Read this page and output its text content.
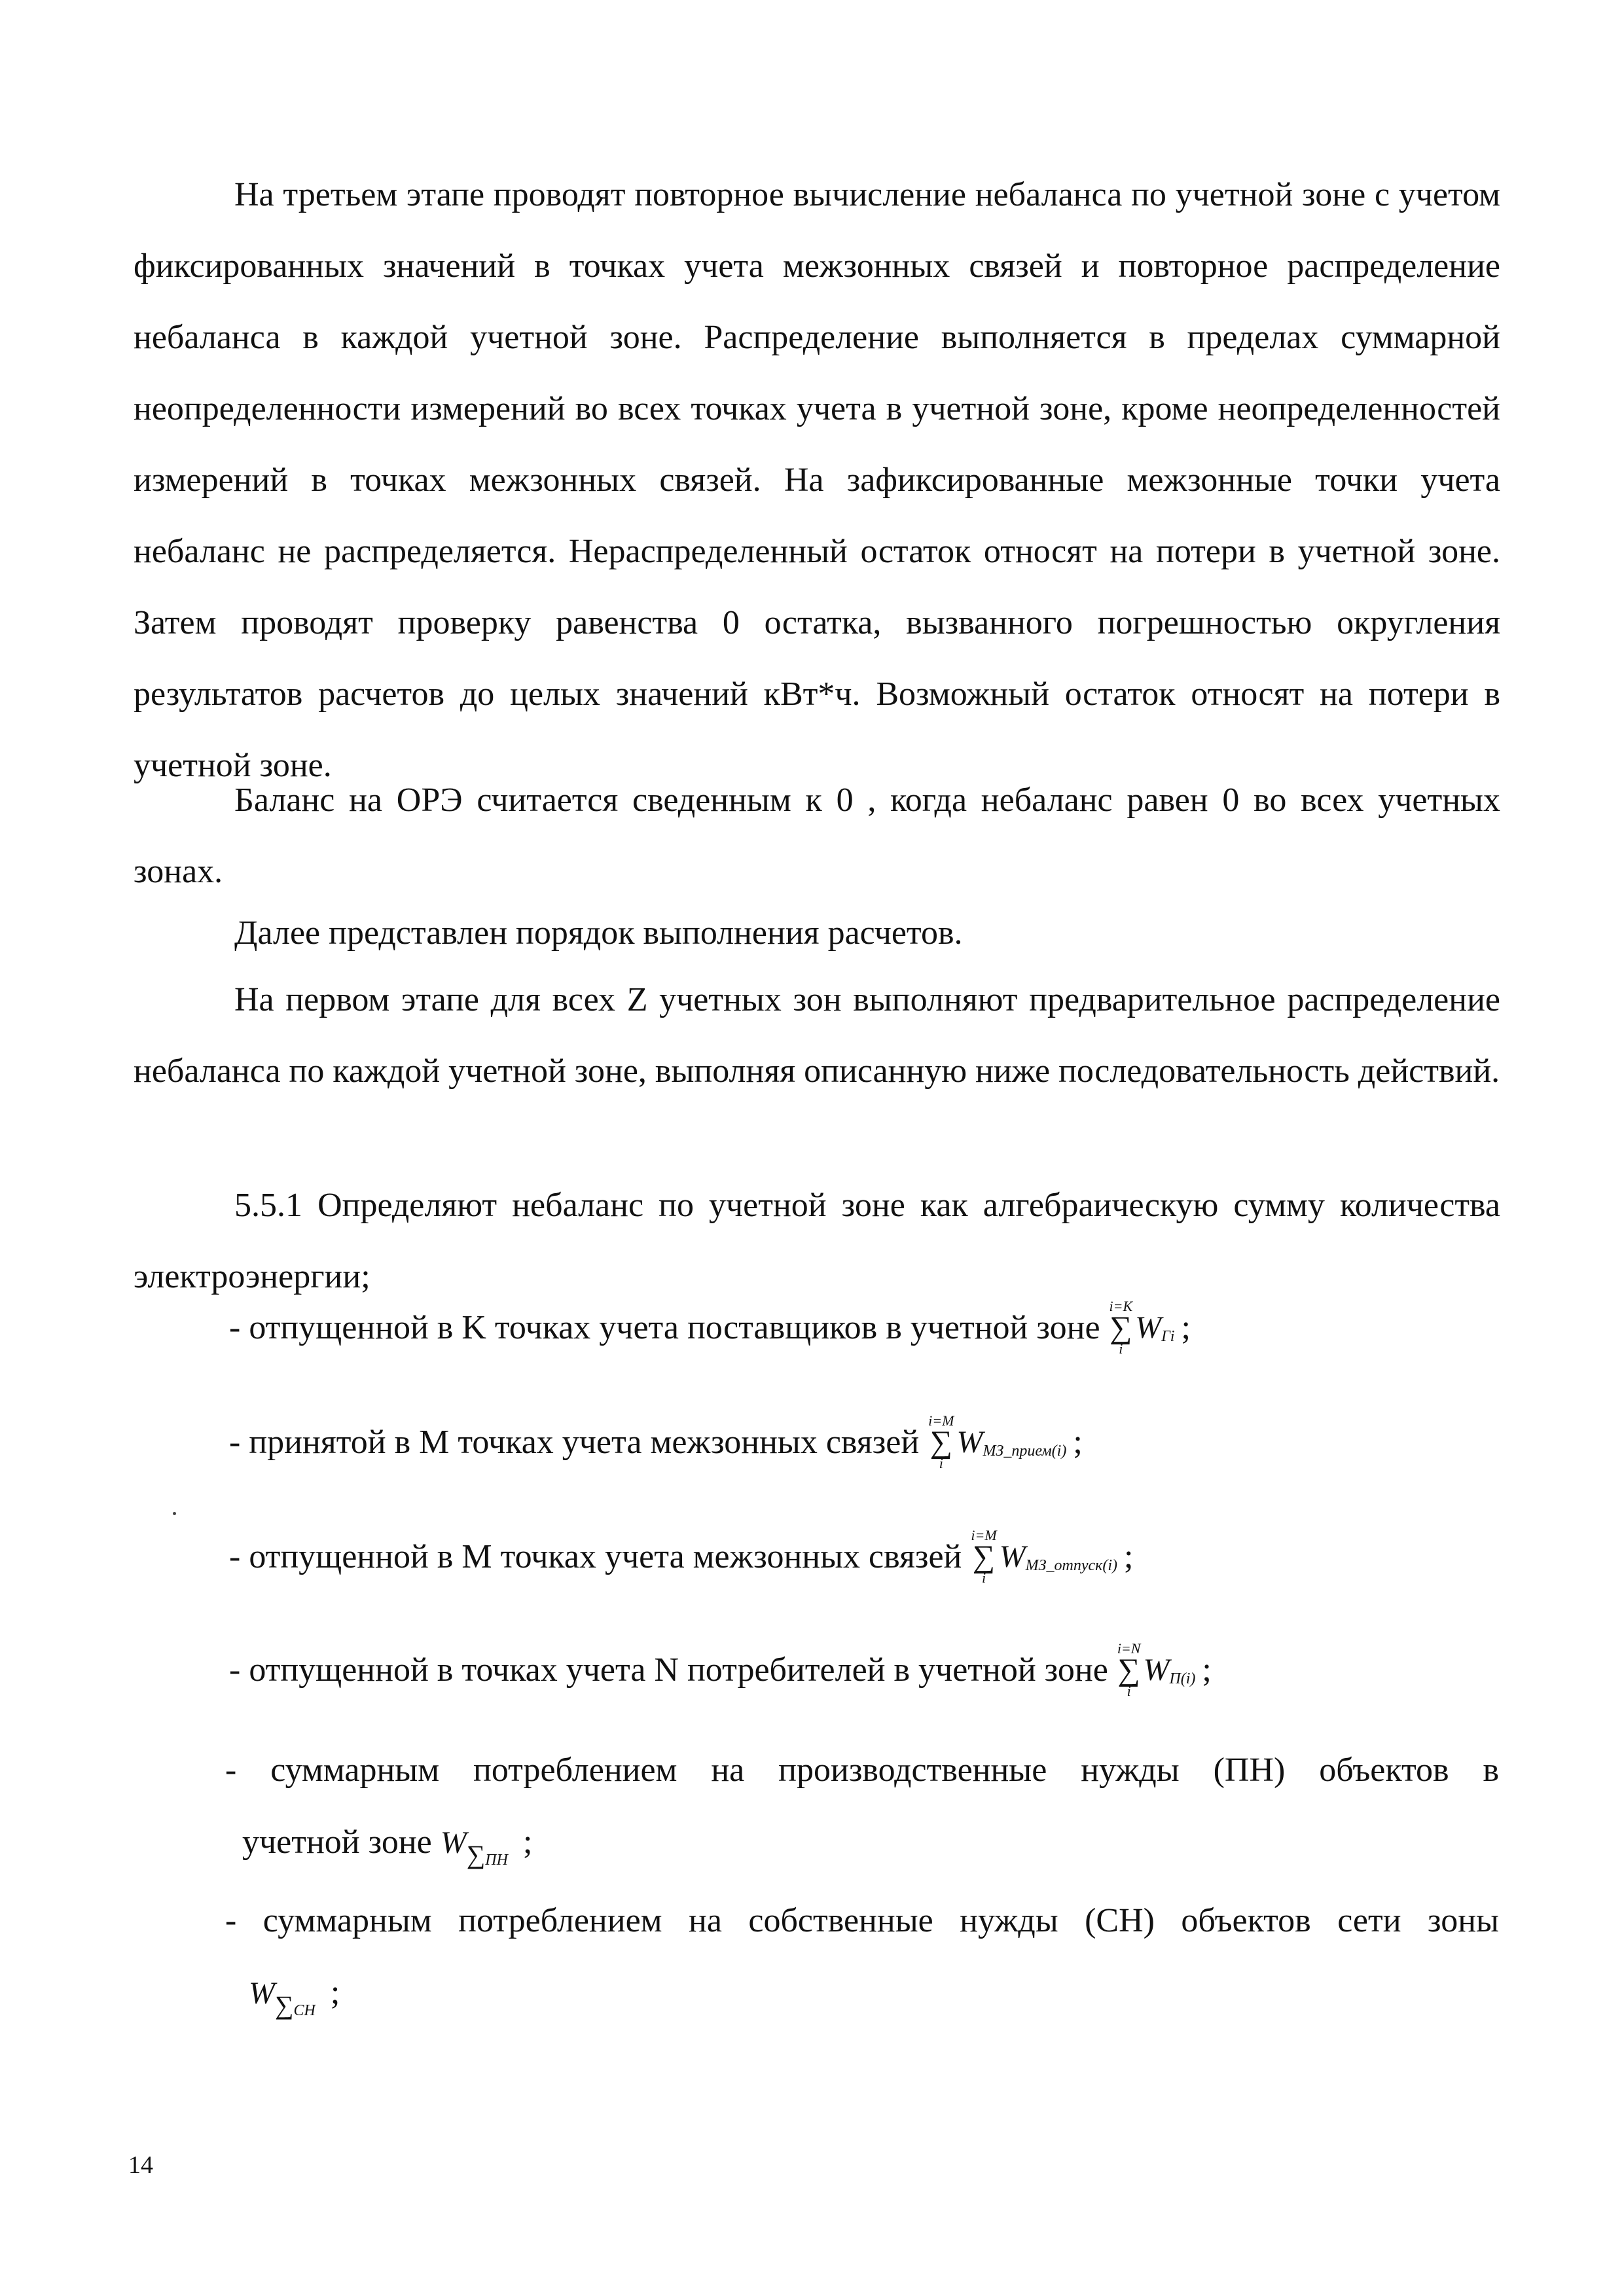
На третьем этапе проводят повторное вычисление небаланса по учетной зоне с учетом фиксированных значений в точках учета межзонных связей и повторное распределение небаланса в каждой учетной зоне. Распределение выполняется в пределах суммарной неопределенности измерений во всех точках учета в учетной зоне, кроме неопределенностей измерений в точках межзонных связей. На зафиксированные межзонные точки учета небаланс не распределяется. Нераспределенный остаток относят на потери в учетной зоне. Затем проводят проверку равенства 0 остатка, вызванного погрешностью округления результатов расчетов до целых значений кВт*ч. Возможный остаток относят на потери в учетной зоне.

Баланс на ОРЭ считается сведенным к 0 , когда небаланс равен 0 во всех учетных зонах.

Далее представлен порядок выполнения расчетов.

На первом этапе для всех Z учетных зон выполняют предварительное распределение небаланса по каждой учетной зоне, выполняя описанную ниже последовательность действий.

5.5.1 Определяют небаланс по учетной зоне как алгебраическую сумму количества электроэнергии;

- отпущенной в K точках учета поставщиков в учетной зоне
i=K
∑
i
W Гi ;
- принятой в M точках учета межзонных связей
i=M
∑
i
W МЗ_прием(i) ;
- отпущенной в M точках учета межзонных связей
i=M
∑
i
W МЗ_отпуск(i) ;
- отпущенной в точках учета N потребителей в учетной зоне
i=N
∑
i
W П(i) ;
- суммарным потреблением на производственные нужды (ПН) объектов в
учетной зоне $W_{\sum ПН}$ ;
- суммарным потреблением на собственные нужды (СН) объектов сети зоны
$W_{\sum СН}$ ;
14
